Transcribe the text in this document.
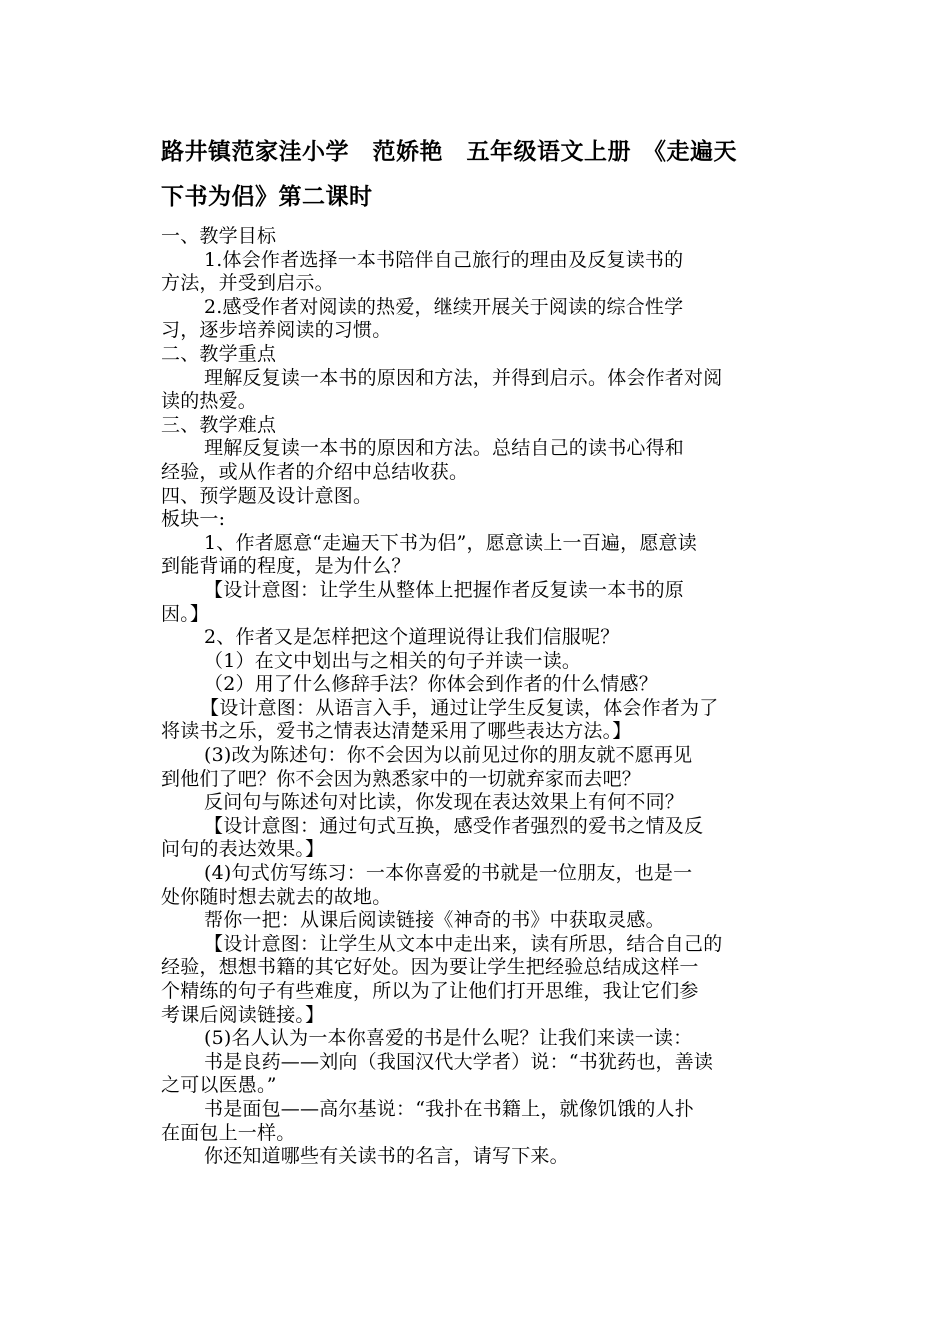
路井镇范家洼小学　范娇艳　五年级语文上册　《走遍天
下书为侣》第二课时
一、教学目标
1.体会作者选择一本书陪伴自己旅行的理由及反复读书的
方法，并受到启示。
2.感受作者对阅读的热爱，继续开展关于阅读的综合性学
习，逐步培养阅读的习惯。
二、教学重点
理解反复读一本书的原因和方法，并得到启示。体会作者对阅
读的热爱。
三、教学难点
理解反复读一本书的原因和方法。总结自己的读书心得和
经验，或从作者的介绍中总结收获。
四、预学题及设计意图。
板块一:
1、作者愿意“走遍天下书为侣”，愿意读上一百遍，愿意读
到能背诵的程度，是为什么？
【设计意图：让学生从整体上把握作者反复读一本书的原
因。】
2、作者又是怎样把这个道理说得让我们信服呢？
（1）在文中划出与之相关的句子并读一读。
（2）用了什么修辞手法？你体会到作者的什么情感？
【设计意图：从语言入手，通过让学生反复读，体会作者为了
将读书之乐，爱书之情表达清楚采用了哪些表达方法。】
(3)改为陈述句：你不会因为以前见过你的朋友就不愿再见
到他们了吧？你不会因为熟悉家中的一切就弃家而去吧？
反问句与陈述句对比读，你发现在表达效果上有何不同？
【设计意图：通过句式互换，感受作者强烈的爱书之情及反
问句的表达效果。】
(4)句式仿写练习：一本你喜爱的书就是一位朋友，也是一
处你随时想去就去的故地。
帮你一把：从课后阅读链接《神奇的书》中获取灵感。
【设计意图：让学生从文本中走出来，读有所思，结合自己的
经验，想想书籍的其它好处。因为要让学生把经验总结成这样一
个精练的句子有些难度，所以为了让他们打开思维，我让它们参
考课后阅读链接。】
(5)名人认为一本你喜爱的书是什么呢？让我们来读一读：
书是良药——刘向（我国汉代大学者）说：“书犹药也，善读
之可以医愚。”
书是面包——高尔基说：“我扑在书籍上，就像饥饿的人扑
在面包上一样。
你还知道哪些有关读书的名言，请写下来。
